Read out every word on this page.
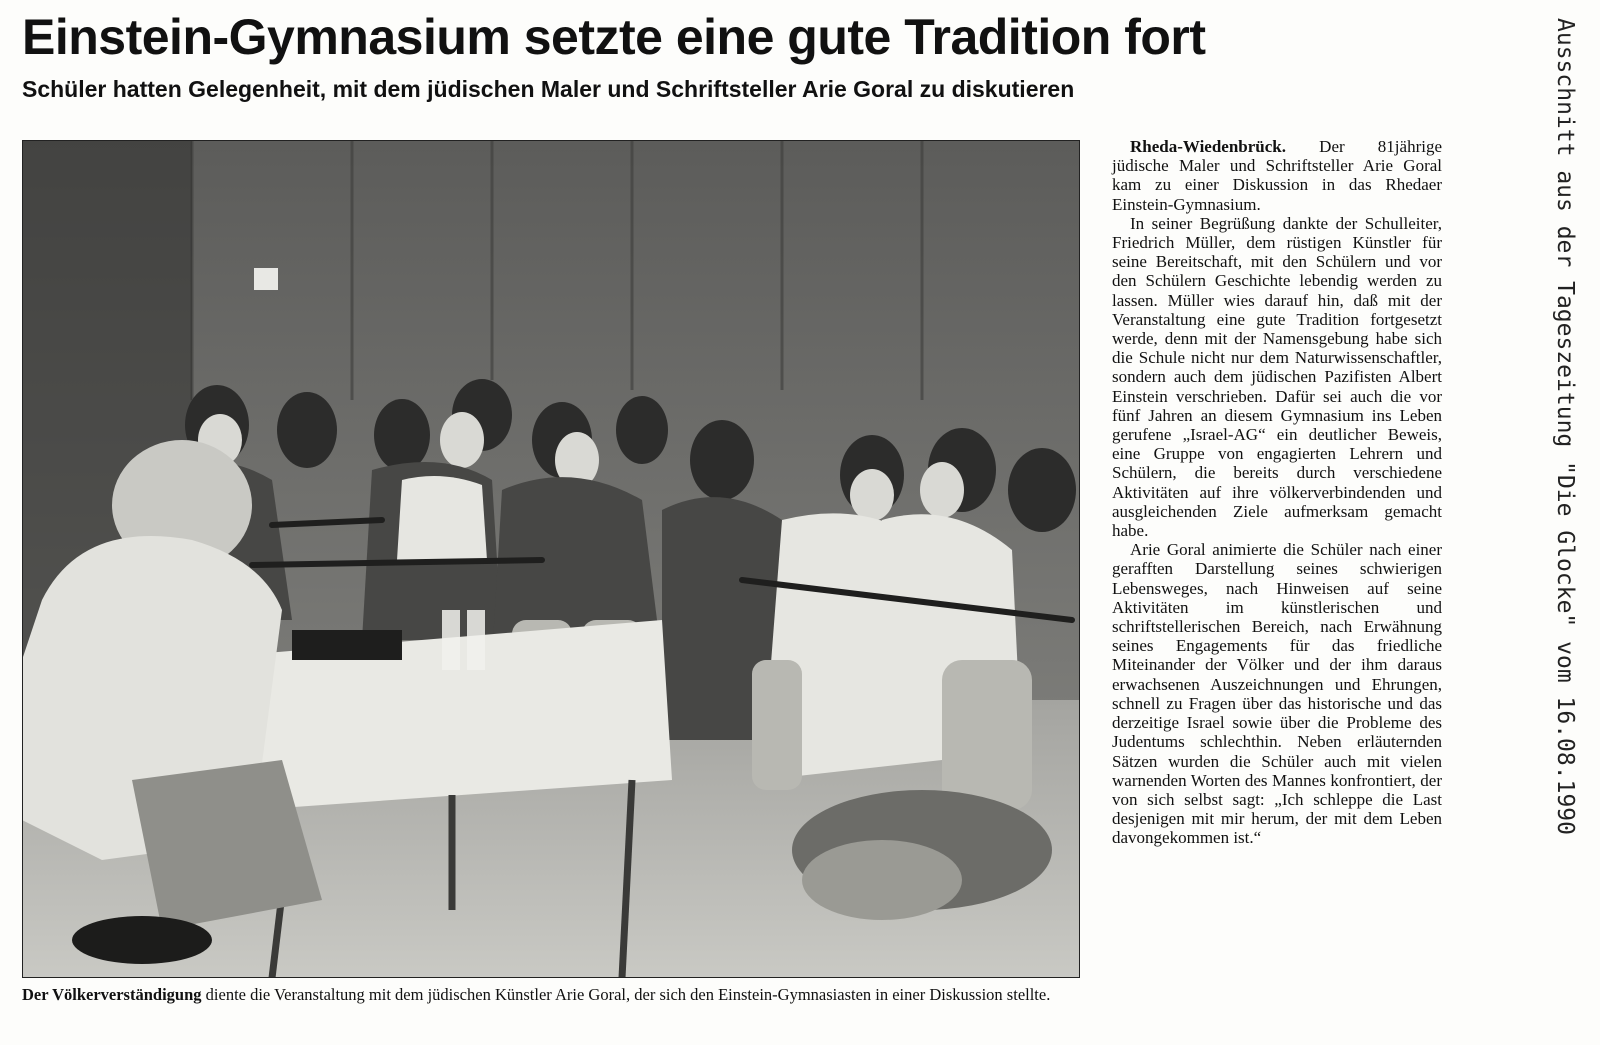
Einstein-Gymnasium setzte eine gute Tradition fort
Schüler hatten Gelegenheit, mit dem jüdischen Maler und Schriftsteller Arie Goral zu diskutieren

Der Völkerverständigung diente die Veranstaltung mit dem jüdischen Künstler Arie Goral, der sich den Einstein-Gymnasiasten in einer Diskussion stellte.

Rheda-Wiedenbrück. Der 81jährige jüdische Maler und Schriftsteller Arie Goral kam zu einer Diskussion in das Rhedaer Einstein-Gymnasium.

In seiner Begrüßung dankte der Schulleiter, Friedrich Müller, dem rüstigen Künstler für seine Bereitschaft, mit den Schülern und vor den Schülern Geschichte lebendig werden zu lassen. Müller wies darauf hin, daß mit der Veranstaltung eine gute Tradition fortgesetzt werde, denn mit der Namensgebung habe sich die Schule nicht nur dem Naturwissenschaftler, sondern auch dem jüdischen Pazifisten Albert Einstein verschrieben. Dafür sei auch die vor fünf Jahren an diesem Gymnasium ins Leben gerufene „Israel-AG“ ein deutlicher Beweis, eine Gruppe von engagierten Lehrern und Schülern, die bereits durch verschiedene Aktivitäten auf ihre völkerverbindenden und ausgleichenden Ziele aufmerksam gemacht habe.

Arie Goral animierte die Schüler nach einer gerafften Darstellung seines schwierigen Lebensweges, nach Hinweisen auf seine Aktivitäten im künstlerischen und schriftstellerischen Bereich, nach Erwähnung seines Engagements für das friedliche Miteinander der Völker und der ihm daraus erwachsenen Auszeichnungen und Ehrungen, schnell zu Fragen über das historische und das derzeitige Israel sowie über die Probleme des Judentums schlechthin. Neben erläuternden Sätzen wurden die Schüler auch mit vielen warnenden Worten des Mannes konfrontiert, der von sich selbst sagt: „Ich schleppe die Last desjenigen mit mir herum, der mit dem Leben davongekommen ist.“

Ausschnitt aus der Tageszeitung "Die Glocke" vom 16.08.1990
